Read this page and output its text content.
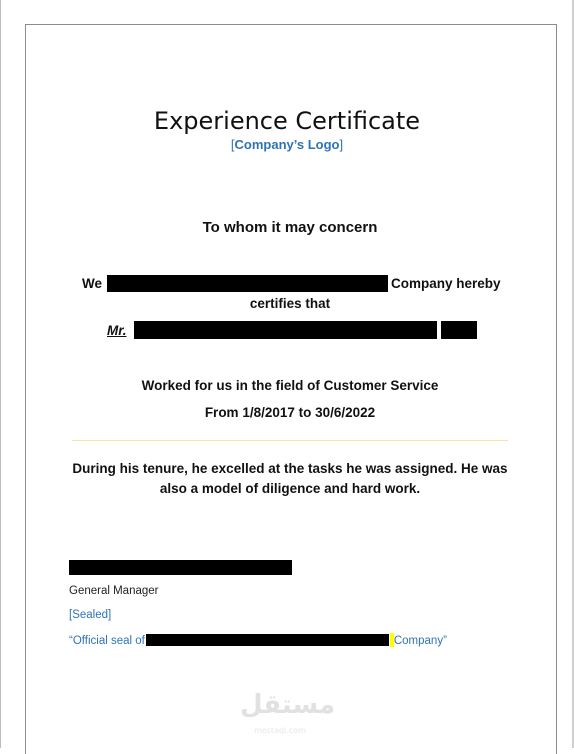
Experience Certificate
[Company’s Logo]
To whom it may concern
We	Company hereby
certifies that
Mr.
Worked for us in the field of Customer Service
From 1/8/2017 to 30/6/2022
During his tenure, he excelled at the tasks he was assigned. He was also a model of diligence and hard work.
General Manager
[Sealed]
“Official seal of	Company”
مستقل
mostaql.com
